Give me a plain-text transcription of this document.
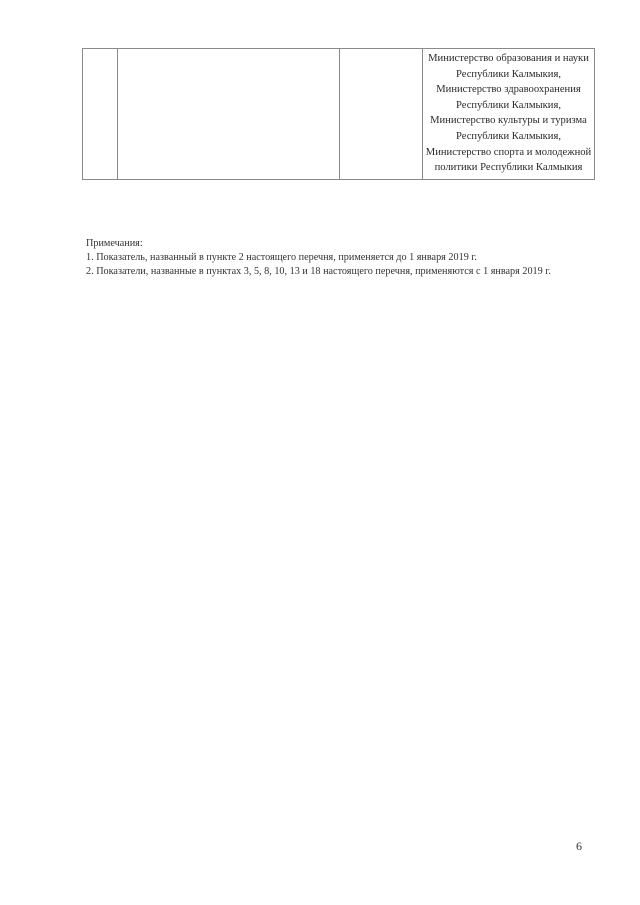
Министерство образования и науки Республики Калмыкия, Министерство здравоохранения Республики Калмыкия, Министерство культуры и туризма Республики Калмыкия, Министерство спорта и молодежной политики Республики Калмыкия

Примечания:

1. Показатель, названный в пункте 2 настоящего перечня, применяется до 1 января 2019 г.

2. Показатели, названные в пунктах 3, 5, 8, 10, 13 и 18 настоящего перечня, применяются с 1 января 2019 г.

6
